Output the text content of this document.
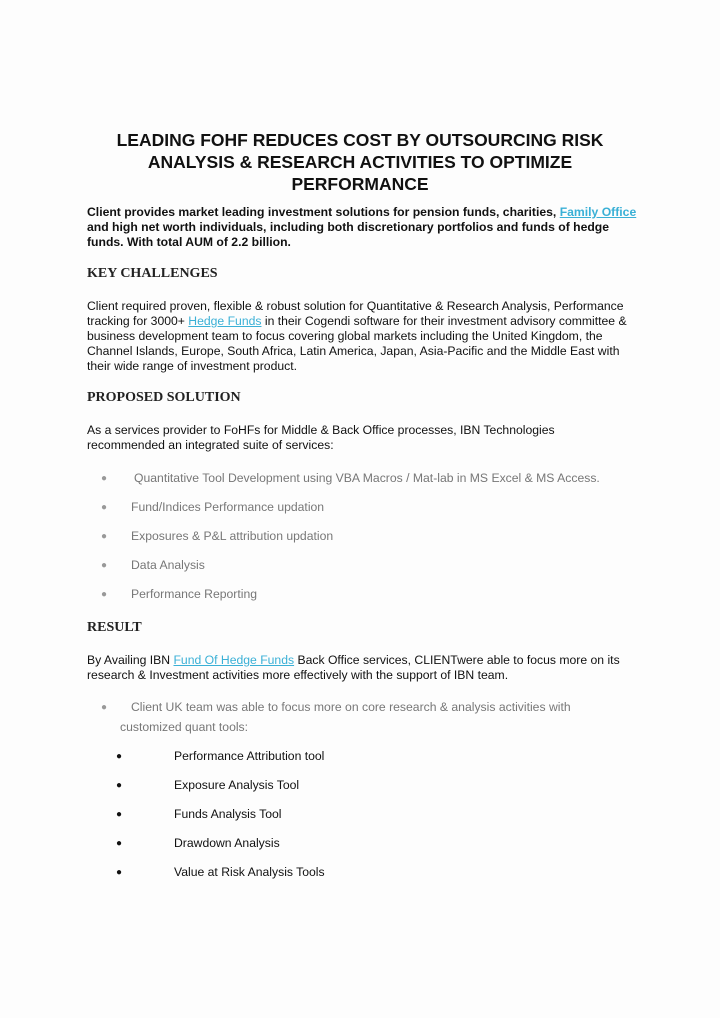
LEADING FOHF REDUCES COST BY OUTSOURCING RISK ANALYSIS & RESEARCH ACTIVITIES TO OPTIMIZE PERFORMANCE
Client provides market leading investment solutions for pension funds, charities, Family Office and high net worth individuals, including both discretionary portfolios and funds of hedge funds. With total AUM of 2.2 billion.
KEY CHALLENGES
Client required proven, flexible & robust solution for Quantitative & Research Analysis, Performance tracking for 3000+ Hedge Funds in their Cogendi software for their investment advisory committee & business development team to focus covering global markets including the United Kingdom, the Channel Islands, Europe, South Africa, Latin America, Japan, Asia-Pacific and the Middle East with their wide range of investment product.
PROPOSED SOLUTION
As a services provider to FoHFs for Middle & Back Office processes, IBN Technologies recommended an integrated suite of services:
● Quantitative Tool Development using VBA Macros / Mat-lab in MS Excel & MS Access.
● Fund/Indices Performance updation
● Exposures & P&L attribution updation
● Data Analysis
● Performance Reporting
RESULT
By Availing IBN Fund Of Hedge Funds Back Office services, CLIENTwere able to focus more on its research & Investment activities more effectively with the support of IBN team.
● Client UK team was able to focus more on core research & analysis activities with
customized quant tools:
●	Performance Attribution tool
●	Exposure Analysis Tool
●	Funds Analysis Tool
●	Drawdown Analysis
●	Value at Risk Analysis Tools
